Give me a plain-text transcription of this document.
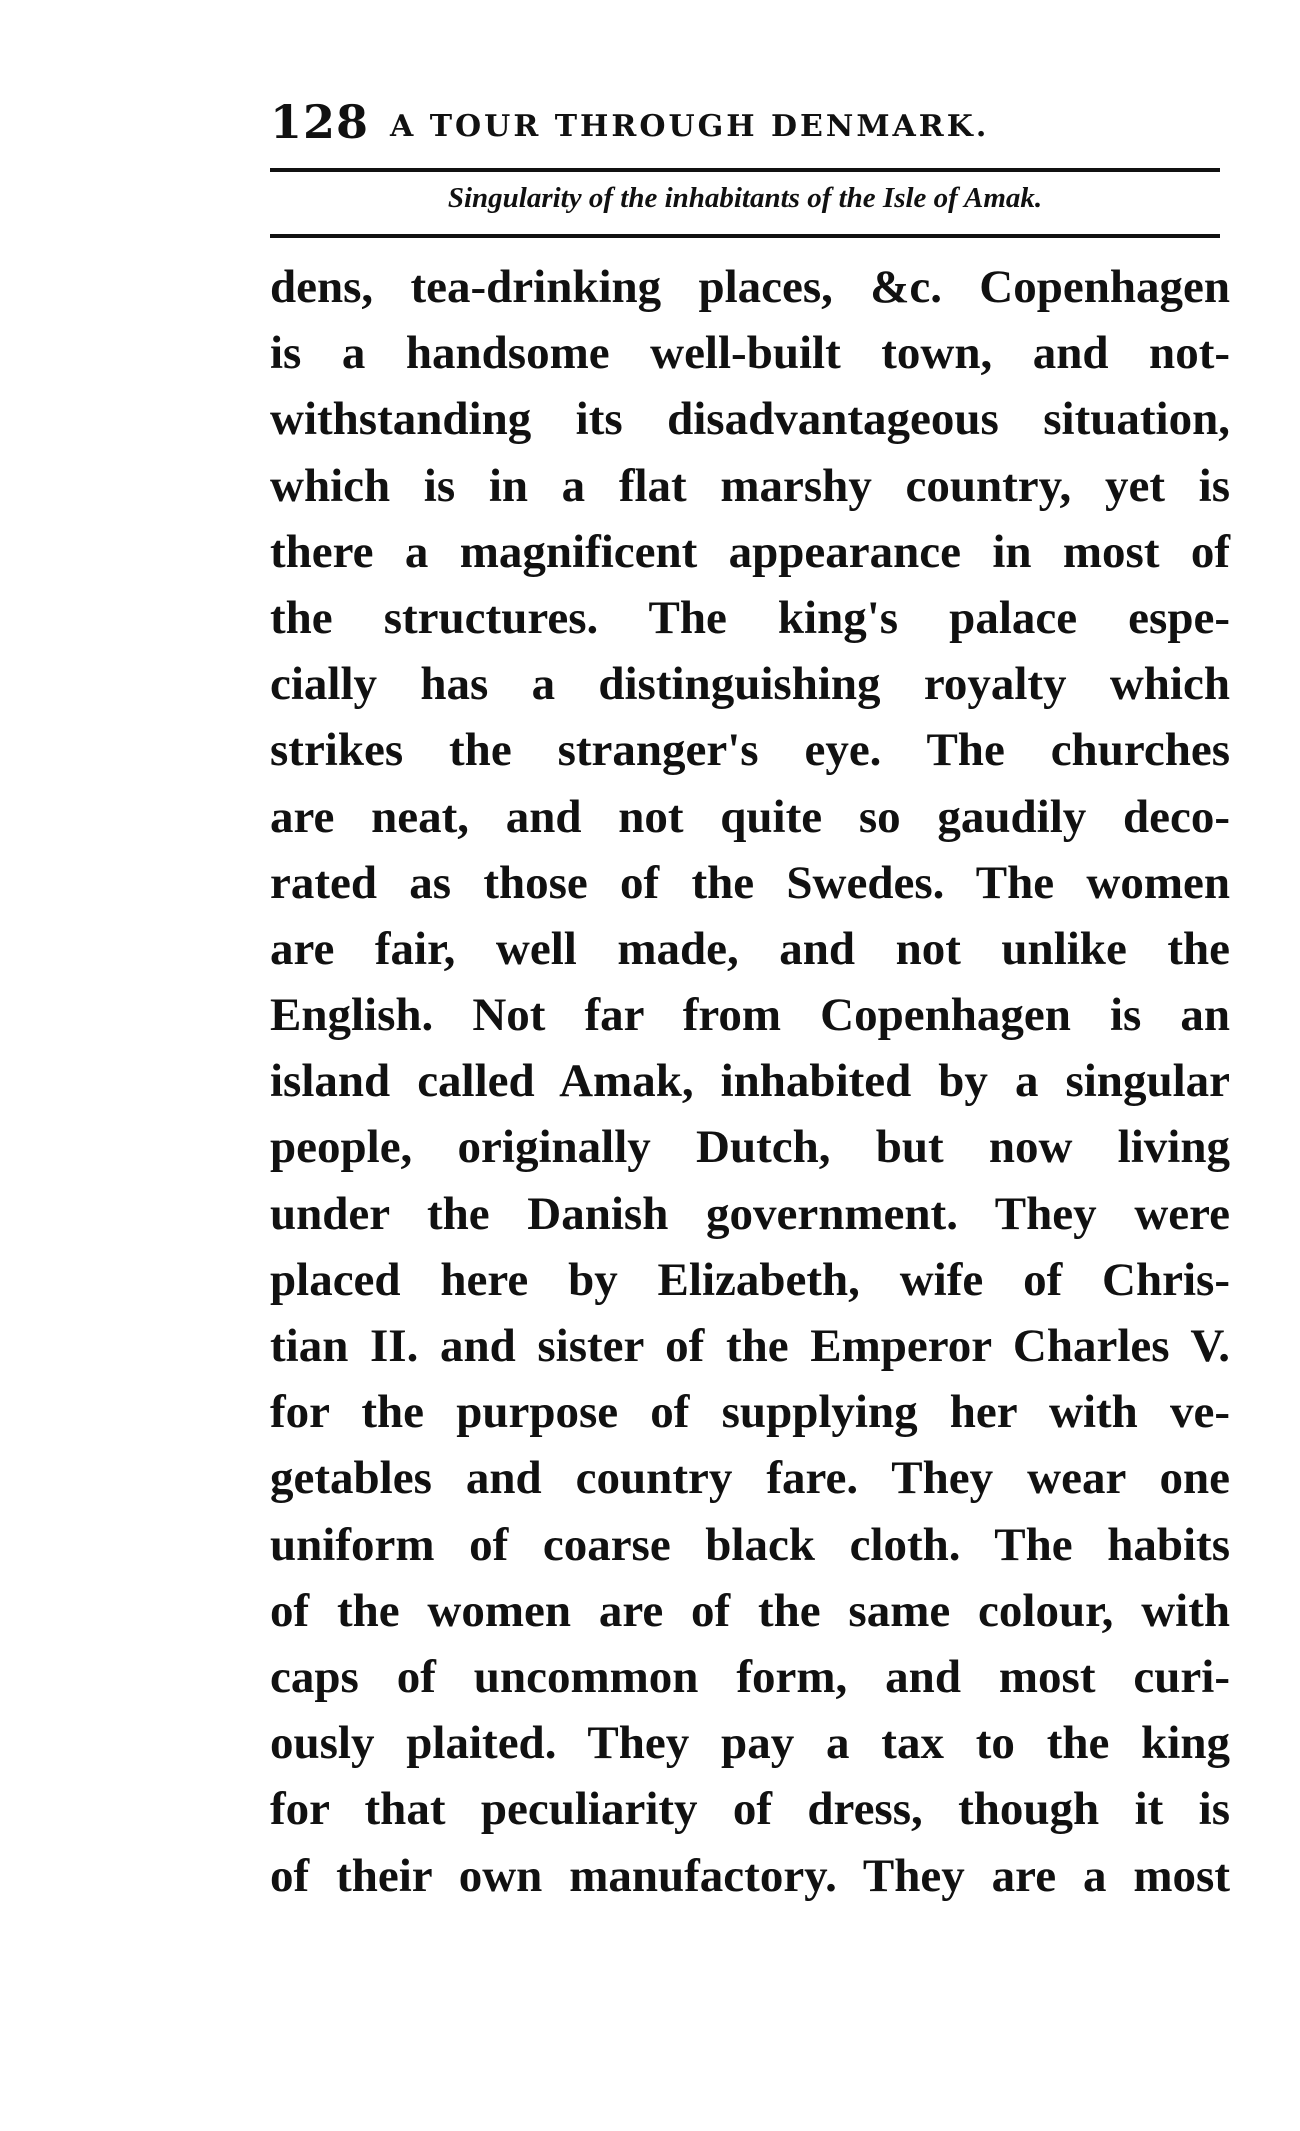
128 A TOUR THROUGH DENMARK.
Singularity of the inhabitants of the Isle of Amak.
dens, tea-drinking places, &c. Copenhagen
is a handsome well-built town, and not-
withstanding its disadvantageous situation,
which is in a flat marshy country, yet is
there a magnificent appearance in most of
the structures. The king's palace espe-
cially has a distinguishing royalty which
strikes the stranger's eye. The churches
are neat, and not quite so gaudily deco-
rated as those of the Swedes. The women
are fair, well made, and not unlike the
English. Not far from Copenhagen is an
island called Amak, inhabited by a singular
people, originally Dutch, but now living
under the Danish government. They were
placed here by Elizabeth, wife of Chris-
tian II. and sister of the Emperor Charles V.
for the purpose of supplying her with ve-
getables and country fare. They wear one
uniform of coarse black cloth. The habits
of the women are of the same colour, with
caps of uncommon form, and most curi-
ously plaited. They pay a tax to the king
for that peculiarity of dress, though it is
of their own manufactory. They are a most
